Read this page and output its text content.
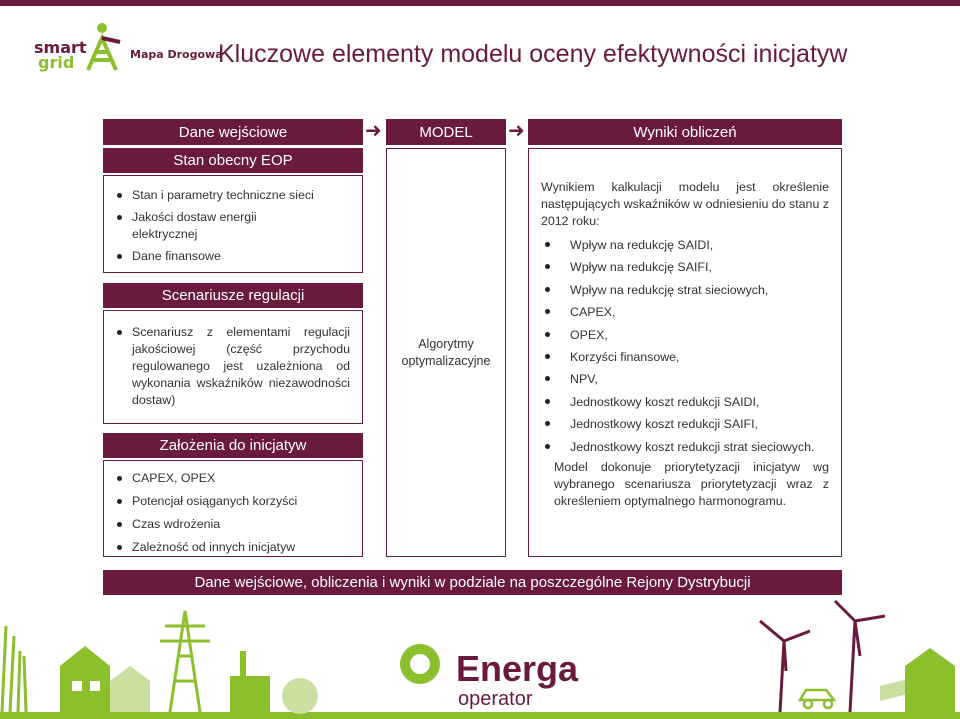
smart
grid	Mapa Drogowa
Kluczowe elementy modelu oceny efektywności inicjatyw
Dane wejściowe	MODEL	Wyniki obliczeń
➜	➜
Stan obecny EOP
Stan i parametry techniczne sieci
Jakości dostaw energii elektrycznej
Dane finansowe
Scenariusze regulacji
Scenariusz z elementami regulacji jakościowej (część przychodu regulowanego jest uzależniona od wykonania wskaźników niezawodności dostaw)
Założenia do inicjatyw
CAPEX, OPEX
Potencjał osiąganych korzyści
Czas wdrożenia
Zależność od innych inicjatyw
Algorytmy
optymalizacyjne
Wynikiem kalkulacji modelu jest określenie następujących wskaźników w odniesieniu do stanu z 2012 roku:
Wpływ na redukcję SAIDI,
Wpływ na redukcję SAIFI,
Wpływ na redukcję strat sieciowych,
CAPEX,
OPEX,
Korzyści finansowe,
NPV,
Jednostkowy koszt redukcji SAIDI,
Jednostkowy koszt redukcji SAIFI,
Jednostkowy koszt redukcji strat sieciowych.
Model dokonuje priorytetyzacji inicjatyw wg wybranego scenariusza priorytetyzacji wraz z określeniem optymalnego harmonogramu.
Dane wejściowe, obliczenia i wyniki w podziale na poszczególne Rejony Dystrybucji
Energa
operator
